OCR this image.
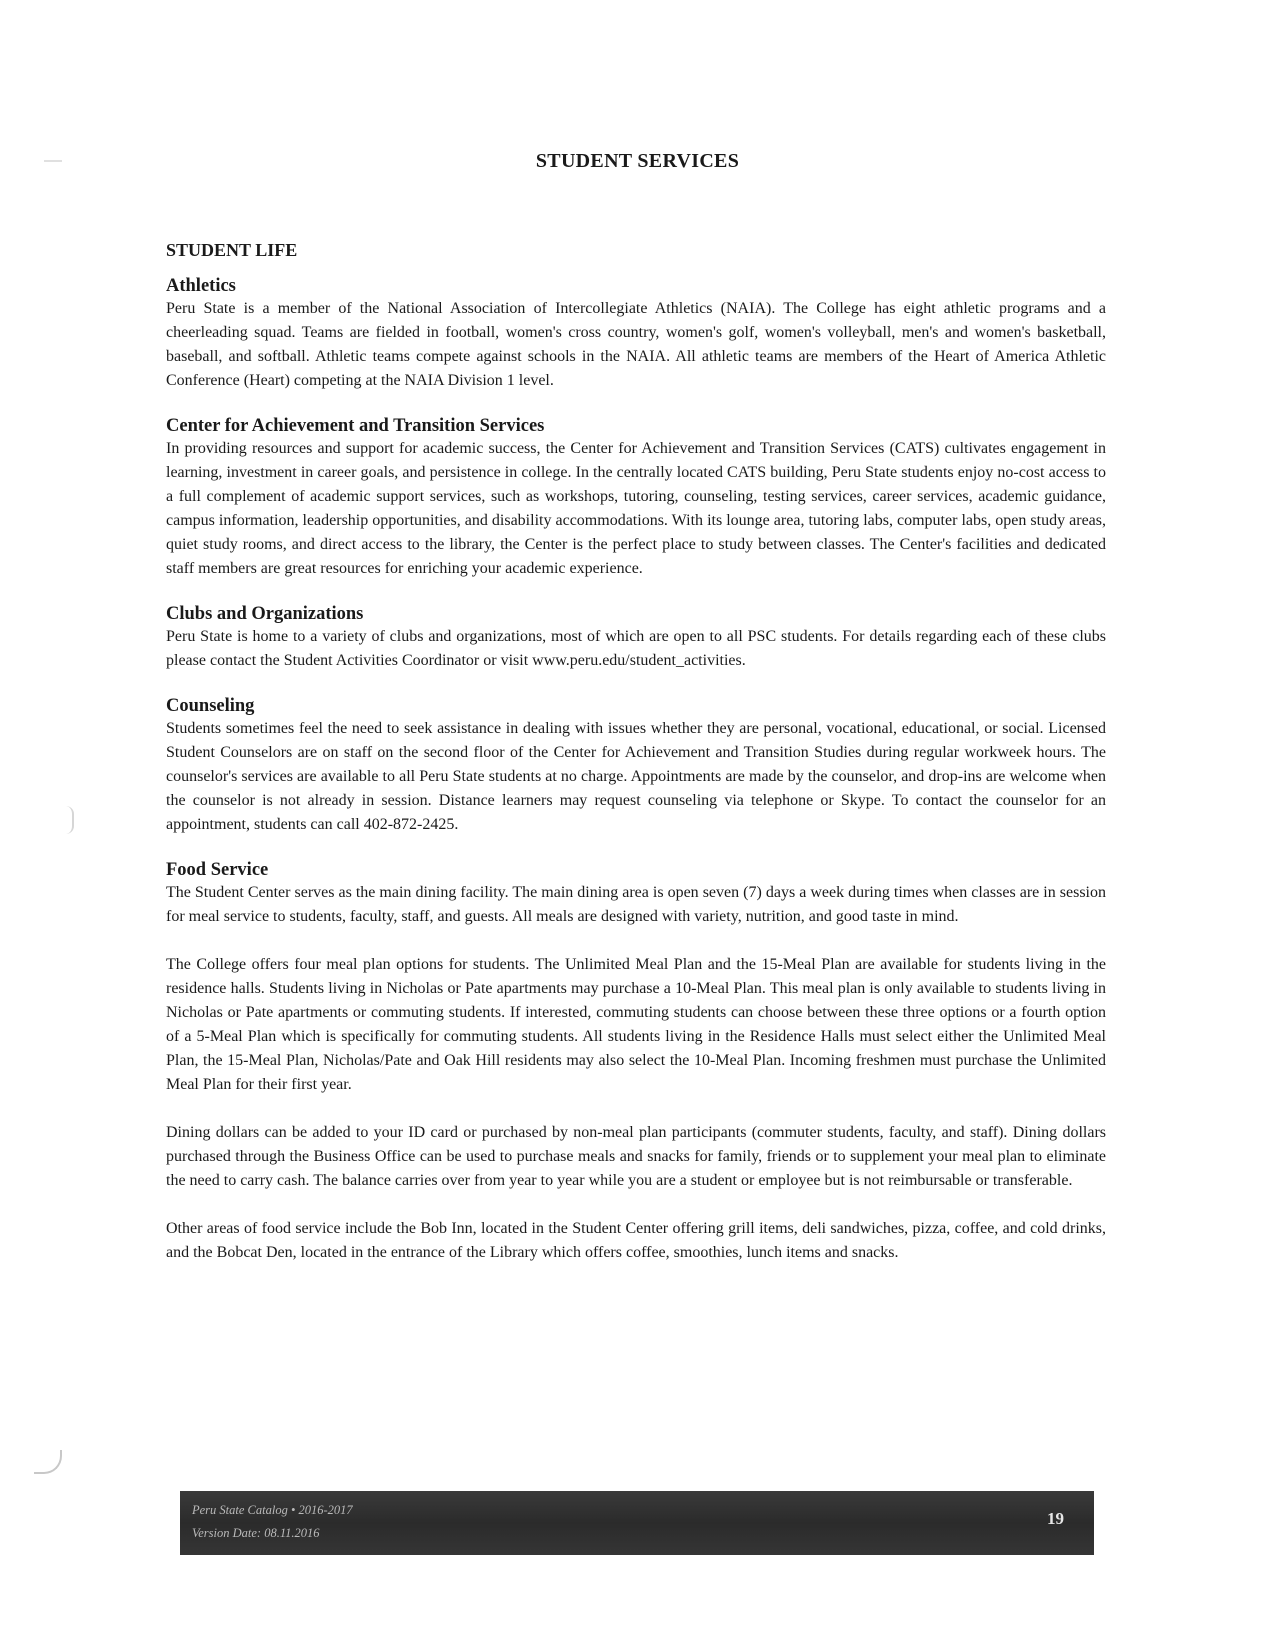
STUDENT SERVICES
STUDENT LIFE
Athletics

Peru State is a member of the National Association of Intercollegiate Athletics (NAIA). The College has eight athletic programs and a cheerleading squad. Teams are fielded in football, women's cross country, women's golf, women's volleyball, men's and women's basketball, baseball, and softball. Athletic teams compete against schools in the NAIA. All athletic teams are members of the Heart of America Athletic Conference (Heart) competing at the NAIA Division 1 level.

Center for Achievement and Transition Services

In providing resources and support for academic success, the Center for Achievement and Transition Services (CATS) cultivates engagement in learning, investment in career goals, and persistence in college. In the centrally located CATS building, Peru State students enjoy no-cost access to a full complement of academic support services, such as workshops, tutoring, counseling, testing services, career services, academic guidance, campus information, leadership opportunities, and disability accommodations. With its lounge area, tutoring labs, computer labs, open study areas, quiet study rooms, and direct access to the library, the Center is the perfect place to study between classes. The Center's facilities and dedicated staff members are great resources for enriching your academic experience.

Clubs and Organizations

Peru State is home to a variety of clubs and organizations, most of which are open to all PSC students. For details regarding each of these clubs please contact the Student Activities Coordinator or visit www.peru.edu/student_activities.

Counseling

Students sometimes feel the need to seek assistance in dealing with issues whether they are personal, vocational, educational, or social. Licensed Student Counselors are on staff on the second floor of the Center for Achievement and Transition Studies during regular workweek hours. The counselor's services are available to all Peru State students at no charge. Appointments are made by the counselor, and drop-ins are welcome when the counselor is not already in session. Distance learners may request counseling via telephone or Skype. To contact the counselor for an appointment, students can call 402-872-2425.

Food Service

The Student Center serves as the main dining facility. The main dining area is open seven (7) days a week during times when classes are in session for meal service to students, faculty, staff, and guests. All meals are designed with variety, nutrition, and good taste in mind.

The College offers four meal plan options for students. The Unlimited Meal Plan and the 15-Meal Plan are available for students living in the residence halls. Students living in Nicholas or Pate apartments may purchase a 10-Meal Plan. This meal plan is only available to students living in Nicholas or Pate apartments or commuting students. If interested, commuting students can choose between these three options or a fourth option of a 5-Meal Plan which is specifically for commuting students. All students living in the Residence Halls must select either the Unlimited Meal Plan, the 15-Meal Plan, Nicholas/Pate and Oak Hill residents may also select the 10-Meal Plan. Incoming freshmen must purchase the Unlimited Meal Plan for their first year.

Dining dollars can be added to your ID card or purchased by non-meal plan participants (commuter students, faculty, and staff). Dining dollars purchased through the Business Office can be used to purchase meals and snacks for family, friends or to supplement your meal plan to eliminate the need to carry cash. The balance carries over from year to year while you are a student or employee but is not reimbursable or transferable.

Other areas of food service include the Bob Inn, located in the Student Center offering grill items, deli sandwiches, pizza, coffee, and cold drinks, and the Bobcat Den, located in the entrance of the Library which offers coffee, smoothies, lunch items and snacks.

Peru State Catalog • 2016-2017
Version Date: 08.11.2016
19
